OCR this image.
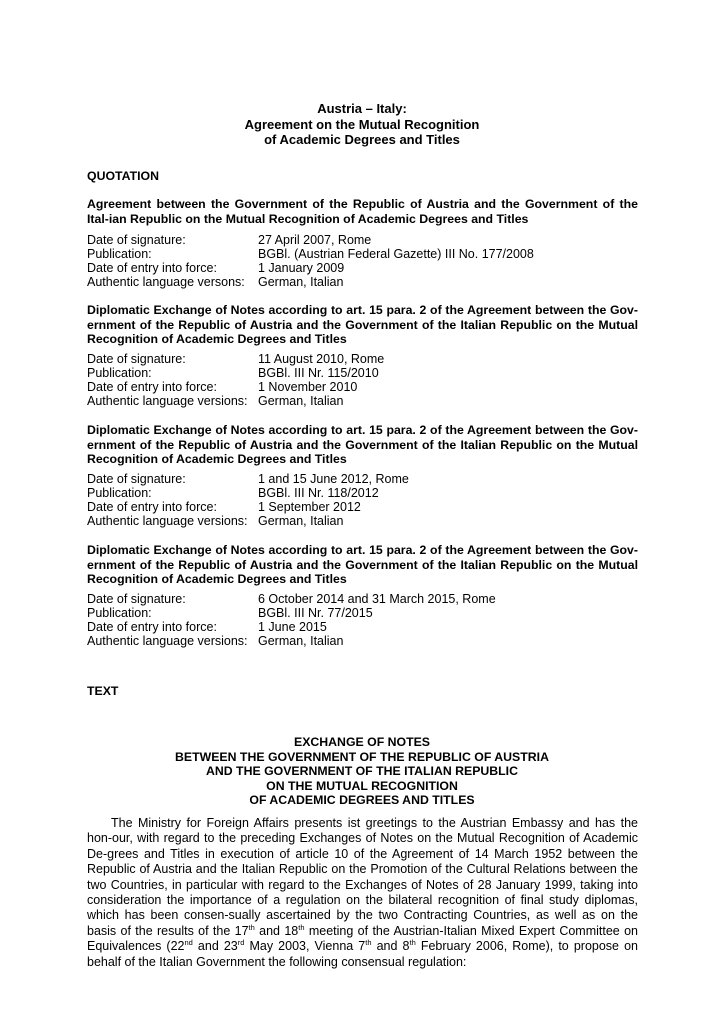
Austria – Italy:
Agreement on the Mutual Recognition
of Academic Degrees and Titles
QUOTATION
Agreement between the Government of the Republic of Austria and the Government of the Ital-ian Republic on the Mutual Recognition of Academic Degrees and Titles
Date of signature:	27 April 2007, Rome
Publication:	BGBl. (Austrian Federal Gazette) III No. 177/2008
Date of entry into force:	1 January 2009
Authentic language versons:	German, Italian
Diplomatic Exchange of Notes according to art. 15 para. 2 of the Agreement between the Gov-ernment of the Republic of Austria and the Government of the Italian Republic on the Mutual Recognition of Academic Degrees and Titles
Date of signature:	11 August 2010, Rome
Publication:	BGBl. III Nr. 115/2010
Date of entry into force:	1 November 2010
Authentic language versions: German, Italian
Diplomatic Exchange of Notes according to art. 15 para. 2 of the Agreement between the Gov-ernment of the Republic of Austria and the Government of the Italian Republic on the Mutual Recognition of Academic Degrees and Titles
Date of signature:	1 and 15 June 2012, Rome
Publication:	BGBl. III Nr. 118/2012
Date of entry into force:	1 September 2012
Authentic language versions: German, Italian
Diplomatic Exchange of Notes according to art. 15 para. 2 of the Agreement between the Gov-ernment of the Republic of Austria and the Government of the Italian Republic on the Mutual Recognition of Academic Degrees and Titles
Date of signature:	6 October 2014 and 31 March 2015, Rome
Publication:	BGBl. III Nr. 77/2015
Date of entry into force:	1 June 2015
Authentic language versions: German, Italian
TEXT
EXCHANGE OF NOTES
BETWEEN THE GOVERNMENT OF THE REPUBLIC OF AUSTRIA
AND THE GOVERNMENT OF THE ITALIAN REPUBLIC
ON THE MUTUAL RECOGNITION
OF ACADEMIC DEGREES AND TITLES
The Ministry for Foreign Affairs presents ist greetings to the Austrian Embassy and has the hon-our, with regard to the preceding Exchanges of Notes on the Mutual Recognition of Academic De-grees and Titles in execution of article 10 of the Agreement of 14 March 1952 between the Republic of Austria and the Italian Republic on the Promotion of the Cultural Relations between the two Countries, in particular with regard to the Exchanges of Notes of 28 January 1999, taking into consideration the importance of a regulation on the bilateral recognition of final study diplomas, which has been consen-sually ascertained by the two Contracting Countries, as well as on the basis of the results of the 17th and 18th meeting of the Austrian-Italian Mixed Expert Committee on Equivalences (22nd and 23rd May 2003, Vienna 7th and 8th February 2006, Rome), to propose on behalf of the Italian Government the following consensual regulation:
